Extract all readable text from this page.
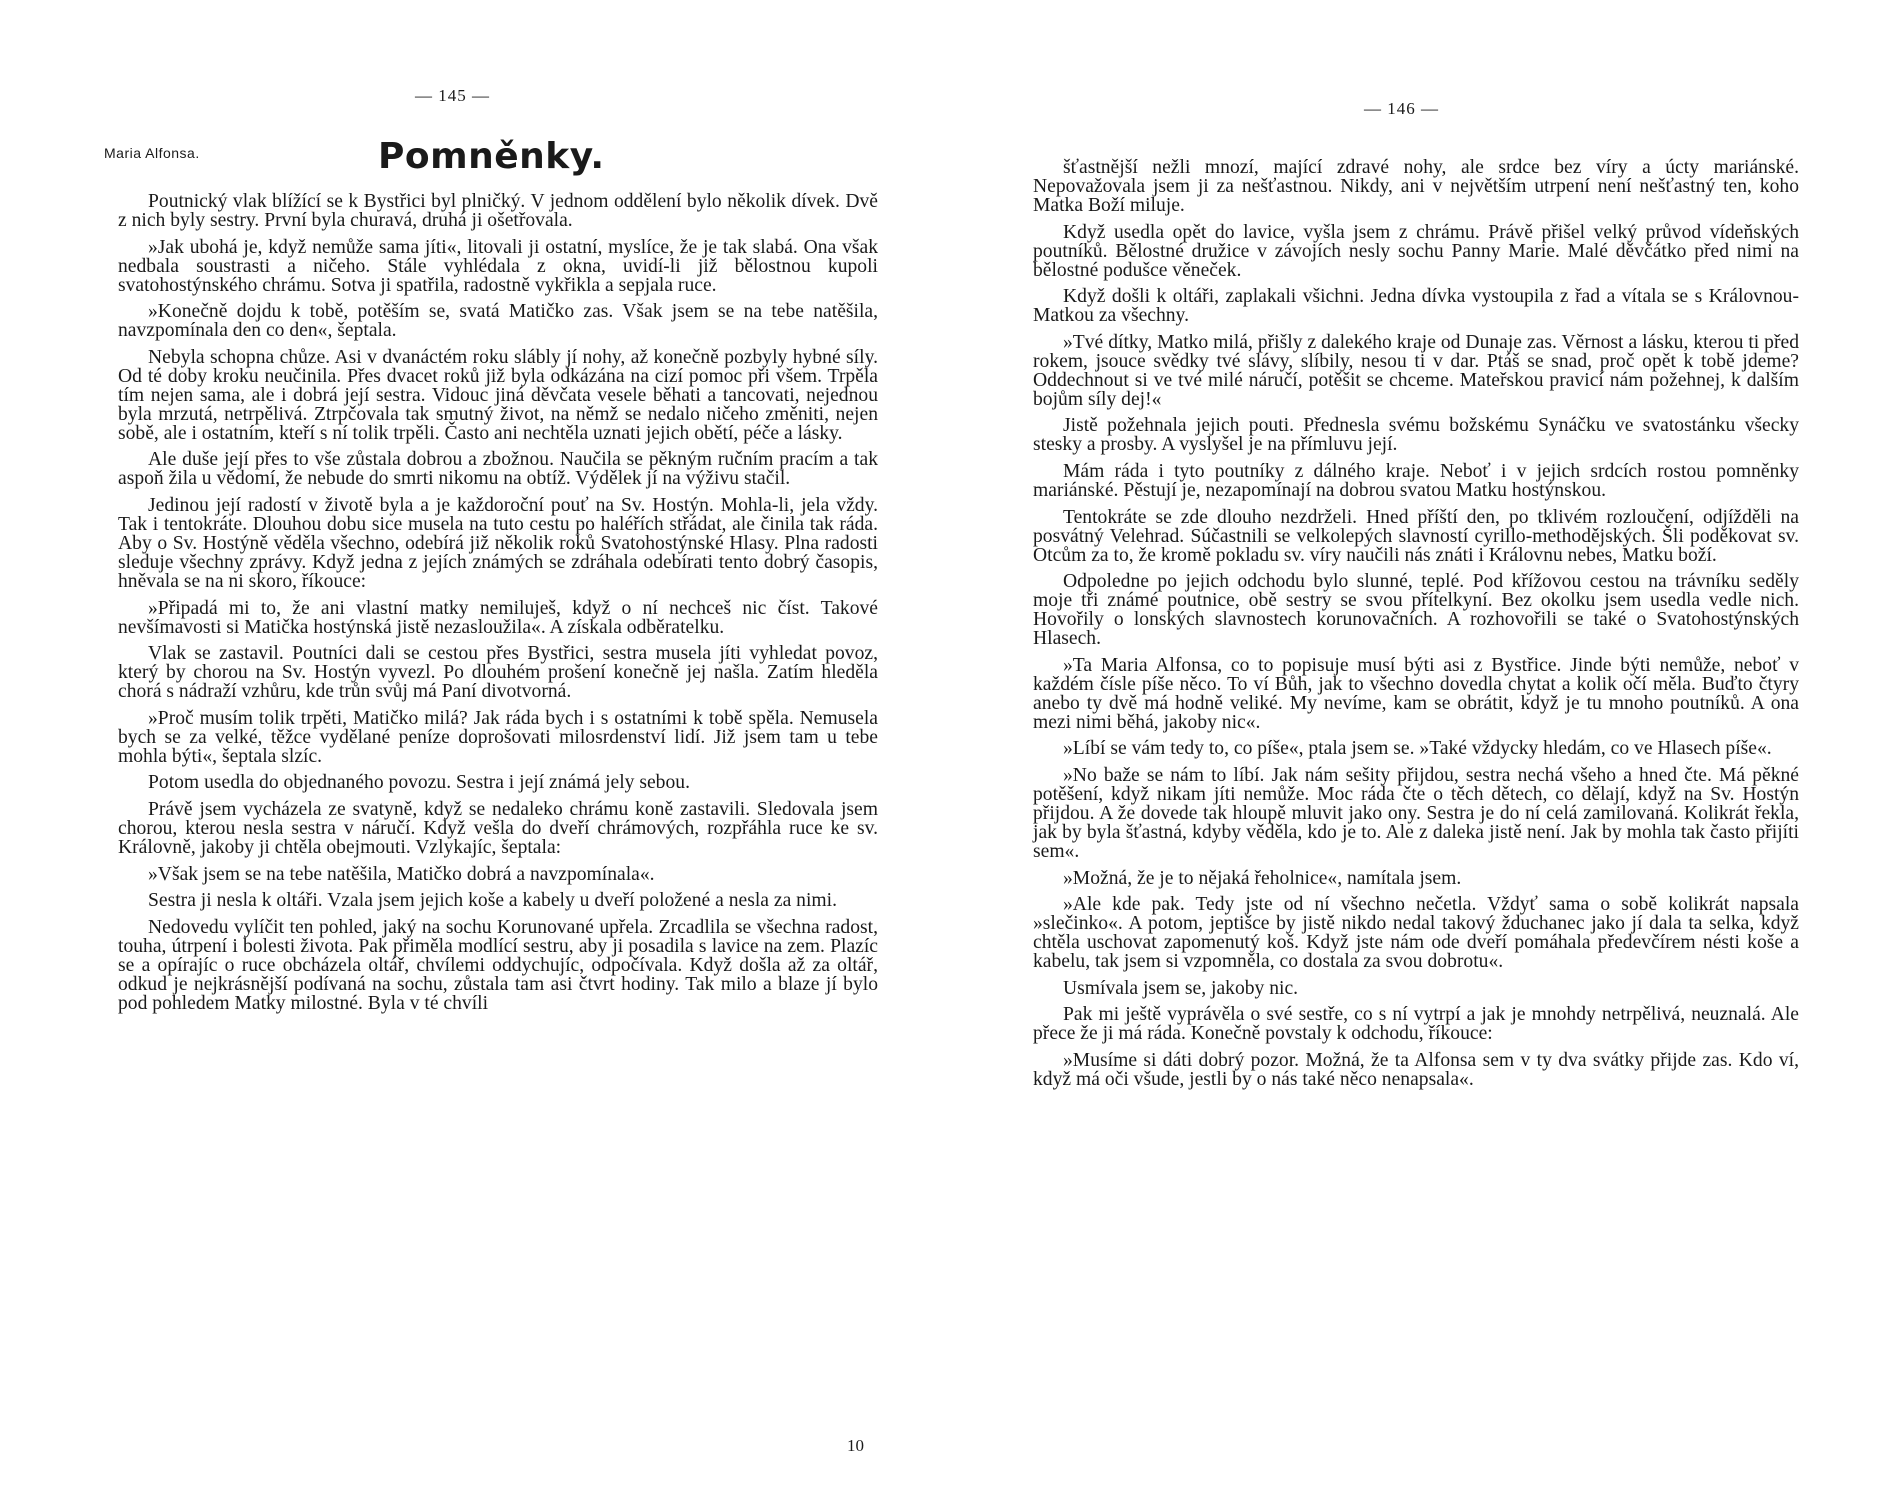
— 145 —
Maria Alfonsa.	Pomněnky.

Poutnický vlak blížící se k Bystřici byl plničký. V jednom oddělení bylo několik dívek. Dvě z nich byly sestry. První byla churavá, druhá ji ošetřovala.

»Jak ubohá je, když nemůže sama jíti«, litovali ji ostatní, myslíce, že je tak slabá. Ona však nedbala soustrasti a ničeho. Stále vyhlédala z okna, uvidí-li již bělostnou kupoli svatohostýnského chrámu. Sotva ji spatřila, radostně vykřikla a sepjala ruce.

»Konečně dojdu k tobě, potěším se, svatá Matičko zas. Však jsem se na tebe natěšila, navzpomínala den co den«, šeptala.

Nebyla schopna chůze. Asi v dvanáctém roku slábly jí nohy, až konečně pozbyly hybné síly. Od té doby kroku neučinila. Přes dvacet roků již byla odkázána na cizí pomoc při všem. Trpěla tím nejen sama, ale i dobrá její sestra. Vidouc jiná děvčata vesele běhati a tancovati, nejednou byla mrzutá, netrpělivá. Ztrpčovala tak smutný život, na němž se nedalo ničeho změniti, nejen sobě, ale i ostatním, kteří s ní tolik trpěli. Často ani nechtěla uznati jejich obětí, péče a lásky.

Ale duše její přes to vše zůstala dobrou a zbožnou. Naučila se pěkným ručním pracím a tak aspoň žila u vědomí, že nebude do smrti nikomu na obtíž. Výdělek jí na výživu stačil.

Jedinou její radostí v životě byla a je každoroční pouť na Sv. Hostýn. Mohla-li, jela vždy. Tak i tentokráte. Dlouhou dobu sice musela na tuto cestu po haléřích střádat, ale činila tak ráda. Aby o Sv. Hostýně věděla všechno, odebírá již několik roků Svatohostýnské Hlasy. Plna radosti sleduje všechny zprávy. Když jedna z jejích známých se zdráhala odebírati tento dobrý časopis, hněvala se na ni skoro, říkouce:

»Připadá mi to, že ani vlastní matky nemiluješ, když o ní nechceš nic číst. Takové nevšímavosti si Matička hostýnská jistě nezasloužila«. A získala odběratelku.

Vlak se zastavil. Poutníci dali se cestou přes Bystřici, sestra musela jíti vyhledat povoz, který by chorou na Sv. Hostýn vyvezl. Po dlouhém prošení konečně jej našla. Zatím hleděla chorá s nádraží vzhůru, kde trůn svůj má Paní divotvorná.

»Proč musím tolik trpěti, Matičko milá? Jak ráda bych i s ostatními k tobě spěla. Nemusela bych se za velké, těžce vydělané peníze doprošovati milosrdenství lidí. Již jsem tam u tebe mohla býti«, šeptala slzíc.

Potom usedla do objednaného povozu. Sestra i její známá jely sebou.

Právě jsem vycházela ze svatyně, když se nedaleko chrámu koně zastavili. Sledovala jsem chorou, kterou nesla sestra v náručí. Když vešla do dveří chrámových, rozpřáhla ruce ke sv. Královně, jakoby ji chtěla obejmouti. Vzlykajíc, šeptala:

»Však jsem se na tebe natěšila, Matičko dobrá a navzpomínala«.

Sestra ji nesla k oltáři. Vzala jsem jejich koše a kabely u dveří položené a nesla za nimi.

Nedovedu vylíčit ten pohled, jaký na sochu Korunované upřela. Zrcadlila se všechna radost, touha, útrpení i bolesti života. Pak přiměla modlící sestru, aby ji posadila s lavice na zem. Plazíc se a opírajíc o ruce obcházela oltář, chvílemi oddychujíc, odpočívala. Když došla až za oltář, odkud je nejkrásnější podívaná na sochu, zůstala tam asi čtvrt hodiny. Tak milo a blaze jí bylo pod pohledem Matky milostné. Byla v té chvíli

10
— 146 —

šťastnější nežli mnozí, mající zdravé nohy, ale srdce bez víry a úcty mariánské. Nepovažovala jsem ji za nešťastnou. Nikdy, ani v největším utrpení není nešťastný ten, koho Matka Boží miluje.

Když usedla opět do lavice, vyšla jsem z chrámu. Právě přišel velký průvod vídeňských poutníků. Bělostné družice v závojích nesly sochu Panny Marie. Malé děvčátko před nimi na bělostné podušce věneček.

Když došli k oltáři, zaplakali všichni. Jedna dívka vystoupila z řad a vítala se s Královnou-Matkou za všechny.

»Tvé dítky, Matko milá, přišly z dalekého kraje od Dunaje zas. Věrnost a lásku, kterou ti před rokem, jsouce svědky tvé slávy, slíbily, nesou ti v dar. Ptáš se snad, proč opět k tobě jdeme? Oddechnout si ve tvé milé náručí, potěšit se chceme. Mateřskou pravicí nám požehnej, k dalším bojům síly dej!«

Jistě požehnala jejich pouti. Přednesla svému božskému Synáčku ve svatostánku všecky stesky a prosby. A vyslyšel je na přímluvu její.

Mám ráda i tyto poutníky z dálného kraje. Neboť i v jejich srdcích rostou pomněnky mariánské. Pěstují je, nezapomínají na dobrou svatou Matku hostýnskou.

Tentokráte se zde dlouho nezdrželi. Hned příští den, po tklivém rozloučení, odjížděli na posvátný Velehrad. Súčastnili se velkolepých slavností cyrillo-methodějských. Šli poděkovat sv. Otcům za to, že kromě pokladu sv. víry naučili nás znáti i Královnu nebes, Matku boží.

Odpoledne po jejich odchodu bylo slunné, teplé. Pod křížovou cestou na trávníku seděly moje tři známé poutnice, obě sestry se svou přítelkyní. Bez okolku jsem usedla vedle nich. Hovořily o lonských slavnostech korunovačních. A rozhovořili se také o Svatohostýnských Hlasech.

»Ta Maria Alfonsa, co to popisuje musí býti asi z Bystřice. Jinde býti nemůže, neboť v každém čísle píše něco. To ví Bůh, jak to všechno dovedla chytat a kolik očí měla. Buďto čtyry anebo ty dvě má hodně veliké. My nevíme, kam se obrátit, když je tu mnoho poutníků. A ona mezi nimi běhá, jakoby nic«.

»Líbí se vám tedy to, co píše«, ptala jsem se. »Také vždycky hledám, co ve Hlasech píše«.

»No baže se nám to líbí. Jak nám sešity přijdou, sestra nechá všeho a hned čte. Má pěkné potěšení, když nikam jíti nemůže. Moc ráda čte o těch dětech, co dělají, když na Sv. Hostýn přijdou. A že dovede tak hloupě mluvit jako ony. Sestra je do ní celá zamilovaná. Kolikrát řekla, jak by byla šťastná, kdyby věděla, kdo je to. Ale z daleka jistě není. Jak by mohla tak často přijíti sem«.

»Možná, že je to nějaká řeholnice«, namítala jsem.

»Ale kde pak. Tedy jste od ní všechno nečetla. Vždyť sama o sobě kolikrát napsala »slečinko«. A potom, jeptišce by jistě nikdo nedal takový žduchanec jako jí dala ta selka, když chtěla uschovat zapomenutý koš. Když jste nám ode dveří pomáhala předevčírem nésti koše a kabelu, tak jsem si vzpomněla, co dostala za svou dobrotu«.

Usmívala jsem se, jakoby nic.

Pak mi ještě vyprávěla o své sestře, co s ní vytrpí a jak je mnohdy netrpělivá, neuznalá. Ale přece že ji má ráda. Konečně povstaly k odchodu, říkouce:

»Musíme si dáti dobrý pozor. Možná, že ta Alfonsa sem v ty dva svátky přijde zas. Kdo ví, když má oči všude, jestli by o nás také něco nenapsala«.
